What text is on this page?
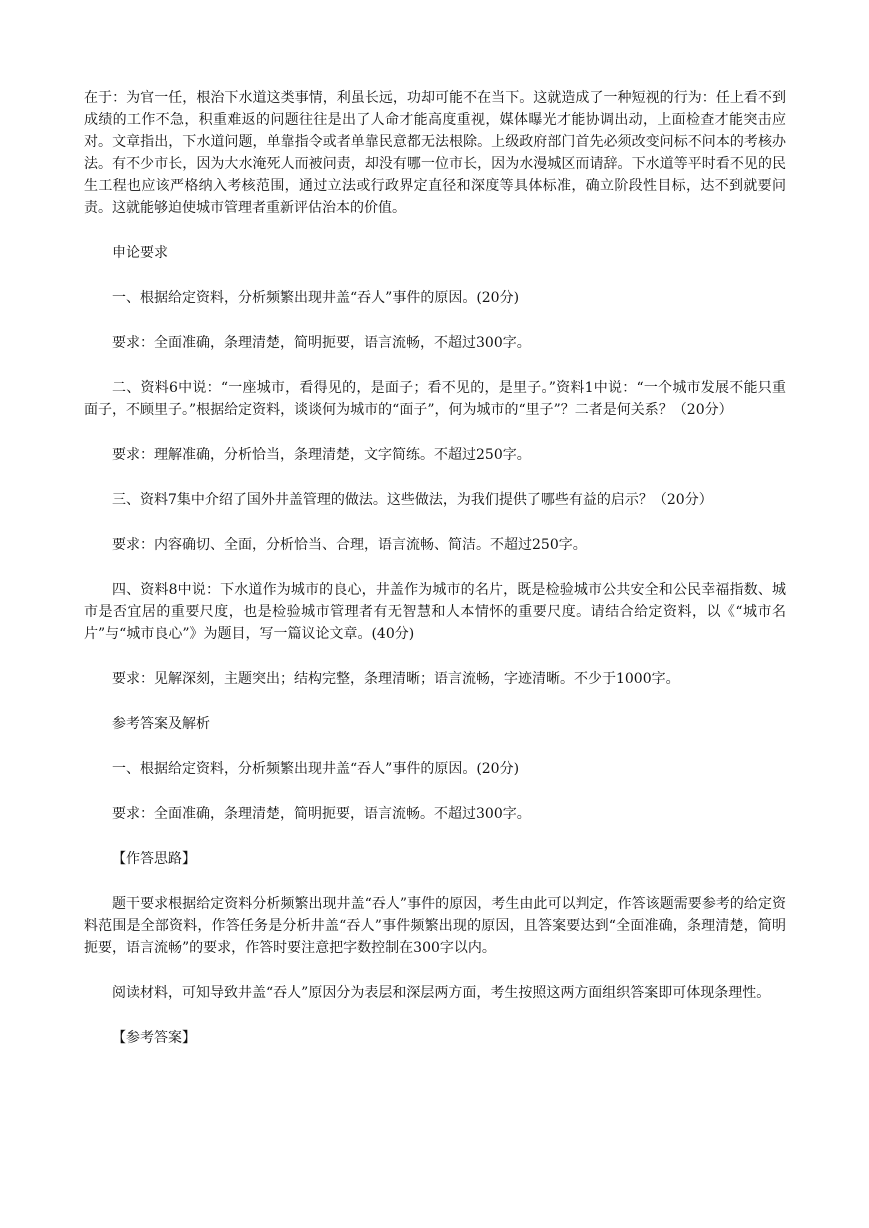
在于：为官一任，根治下水道这类事情，利虽长远，功却可能不在当下。这就造成了一种短视的行为：任上看不到成绩的工作不急，积重难返的问题往往是出了人命才能高度重视，媒体曝光才能协调出动，上面检查才能突击应对。文章指出，下水道问题，单靠指令或者单靠民意都无法根除。上级政府部门首先必须改变问标不问本的考核办法。有不少市长，因为大水淹死人而被问责，却没有哪一位市长，因为水漫城区而请辞。下水道等平时看不见的民生工程也应该严格纳入考核范围，通过立法或行政界定直径和深度等具体标准，确立阶段性目标，达不到就要问责。这就能够迫使城市管理者重新评估治本的价值。

申论要求

一、根据给定资料，分析频繁出现井盖“吞人”事件的原因。(20分)

要求：全面准确，条理清楚，简明扼要，语言流畅，不超过300字。

二、资料6中说：“一座城市，看得见的，是面子；看不见的，是里子。”资料1中说：“一个城市发展不能只重面子，不顾里子。”根据给定资料，谈谈何为城市的“面子”，何为城市的“里子”？二者是何关系？（20分）

要求：理解准确，分析恰当，条理清楚，文字简练。不超过250字。

三、资料7集中介绍了国外井盖管理的做法。这些做法，为我们提供了哪些有益的启示？（20分）

要求：内容确切、全面，分析恰当、合理，语言流畅、简洁。不超过250字。

四、资料8中说：下水道作为城市的良心，井盖作为城市的名片，既是检验城市公共安全和公民幸福指数、城市是否宜居的重要尺度，也是检验城市管理者有无智慧和人本情怀的重要尺度。请结合给定资料，以《“城市名片”与“城市良心”》为题目，写一篇议论文章。(40分)

要求：见解深刻，主题突出；结构完整，条理清晰；语言流畅，字迹清晰。不少于1000字。

参考答案及解析

一、根据给定资料，分析频繁出现井盖“吞人”事件的原因。(20分)

要求：全面准确，条理清楚，简明扼要，语言流畅。不超过300字。

【作答思路】

题干要求根据给定资料分析频繁出现井盖“吞人”事件的原因，考生由此可以判定，作答该题需要参考的给定资料范围是全部资料，作答任务是分析井盖“吞人”事件频繁出现的原因，且答案要达到“全面准确，条理清楚，简明扼要，语言流畅”的要求，作答时要注意把字数控制在300字以内。

阅读材料，可知导致井盖“吞人”原因分为表层和深层两方面，考生按照这两方面组织答案即可体现条理性。

【参考答案】
